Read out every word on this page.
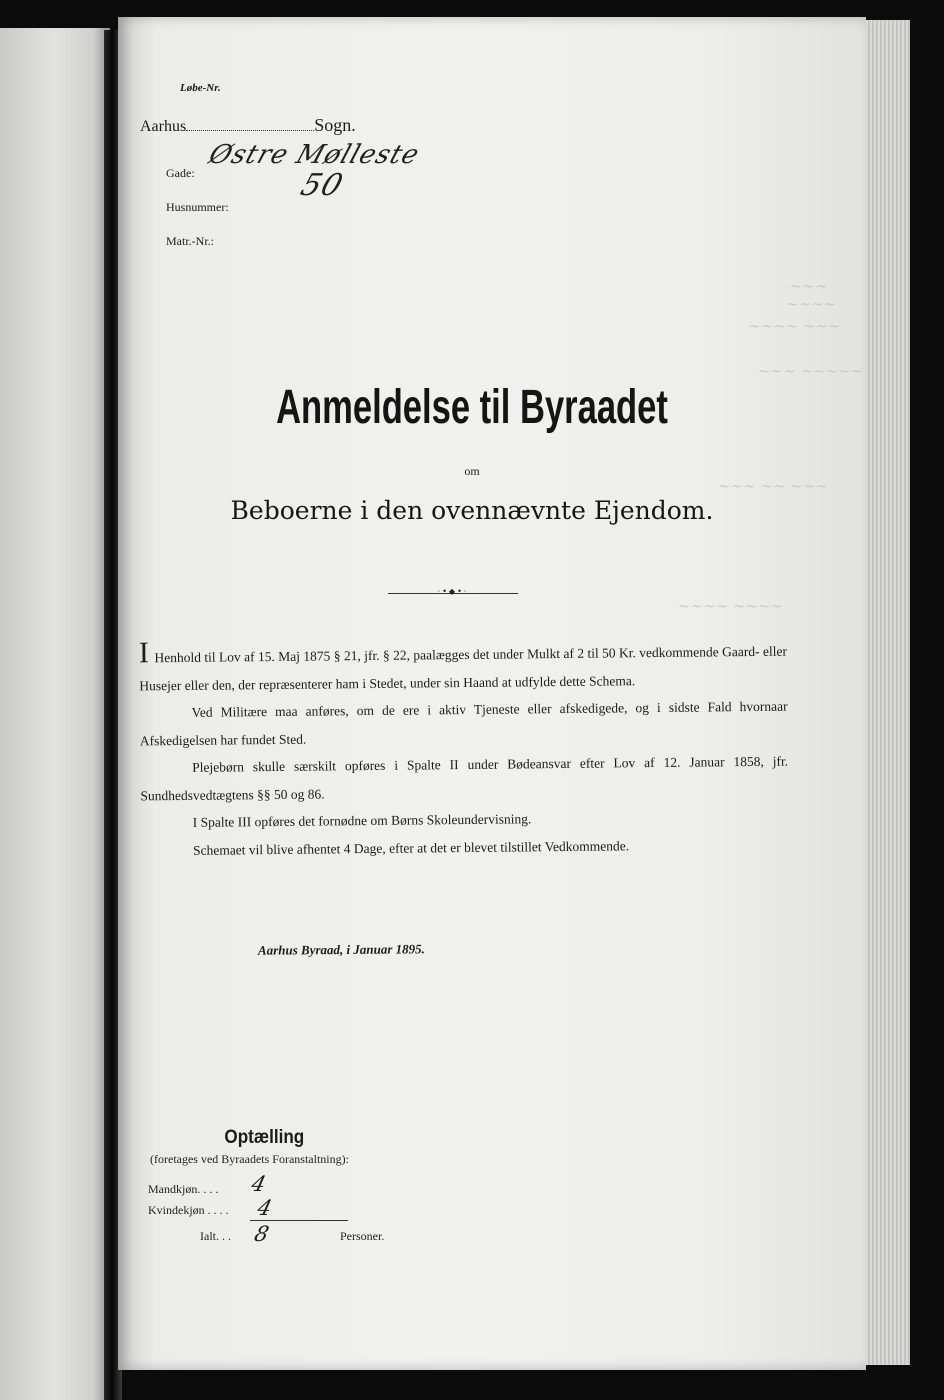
~~~ ~~~~
~~~~ ~~~
~~~ ~~~~~
~~~ ~~ ~~~
~~~~ ~~~~
Løbe-Nr.
Aarhus	Sogn.
Gade:
Østre Mølleste
Husnummer:
50
Matr.-Nr.:
Anmeldelse til Byraadet
om
Beboerne i den ovennævnte Ejendom.
·•◆•·

I Henhold til Lov af 15. Maj 1875 § 21, jfr. § 22, paalægges det under Mulkt af 2 til 50 Kr. vedkommende Gaard- eller Husejer eller den, der repræsenterer ham i Stedet, under sin Haand at udfylde dette Schema.

Ved Militære maa anføres, om de ere i aktiv Tjeneste eller afskedigede, og i sidste Fald hvornaar Afskedigelsen har fundet Sted.

Plejebørn skulle særskilt opføres i Spalte II under Bødeansvar efter Lov af 12. Januar 1858, jfr. Sundhedsvedtægtens §§ 50 og 86.

I Spalte III opføres det fornødne om Børns Skoleundervisning.

Schemaet vil blive afhentet 4 Dage, efter at det er blevet tilstillet Vedkommende.

Aarhus Byraad, i Januar 1895.
Optælling
(foretages ved Byraadets Foranstaltning):
Mandkjøn. . . . 4
Kvindekjøn . . . . 4
Ialt. . . 8	Personer.
